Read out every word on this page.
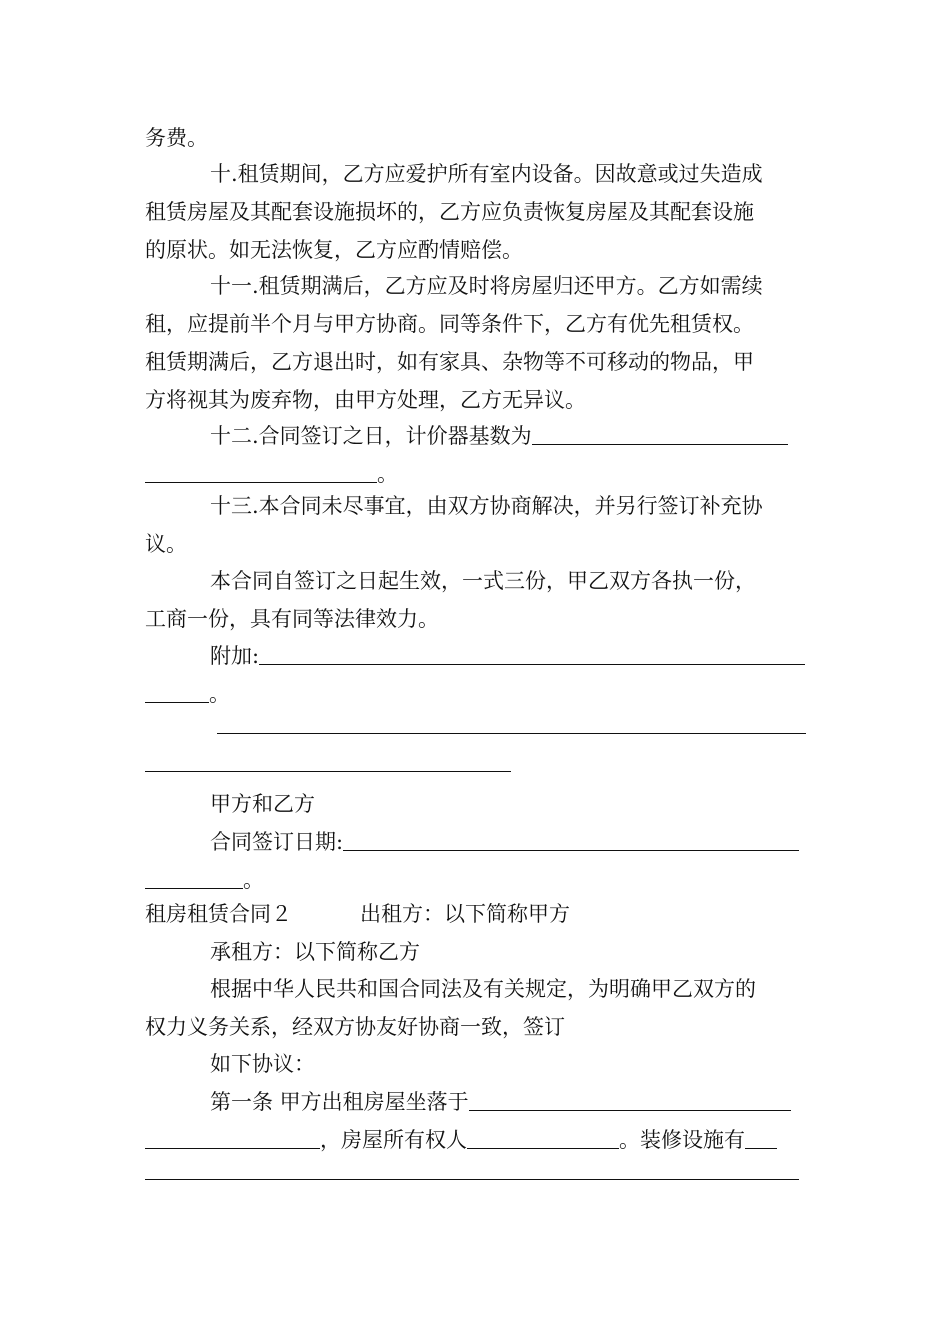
务费。
十.租赁期间，乙方应爱护所有室内设备。因故意或过失造成
租赁房屋及其配套设施损坏的，乙方应负责恢复房屋及其配套设施
的原状。如无法恢复，乙方应酌情赔偿。
十一.租赁期满后，乙方应及时将房屋归还甲方。乙方如需续
租，应提前半个月与甲方协商。同等条件下，乙方有优先租赁权。
租赁期满后，乙方退出时，如有家具、杂物等不可移动的物品，甲
方将视其为废弃物，由甲方处理，乙方无异议。
十二.合同签订之日，计价器基数为
。
十三.本合同未尽事宜，由双方协商解决，并另行签订补充协
议。
本合同自签订之日起生效，一式三份，甲乙双方各执一份，
工商一份，具有同等法律效力。
附加:
。
甲方和乙方
合同签订日期:
。
租房租赁合同２	出租方：以下简称甲方
承租方：以下简称乙方
根据中华人民共和国合同法及有关规定，为明确甲乙双方的
权力义务关系，经双方协友好协商一致，签订
如下协议：
第一条 甲方出租房屋坐落于
，房屋所有权人	。装修设施有
